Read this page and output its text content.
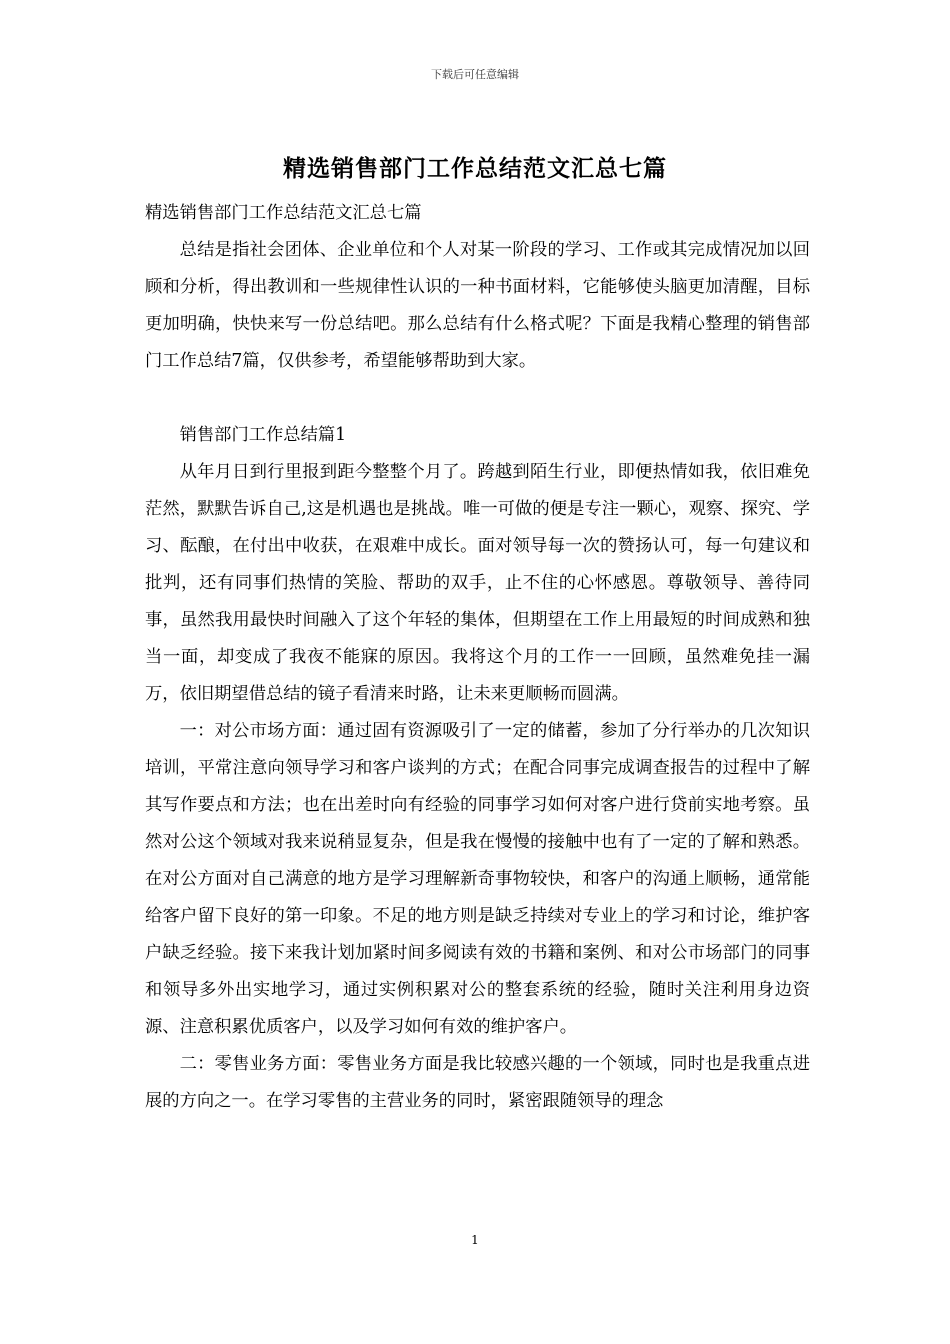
下载后可任意编辑
精选销售部门工作总结范文汇总七篇

精选销售部门工作总结范文汇总七篇

总结是指社会团体、企业单位和个人对某一阶段的学习、工作或其完成情况加以回顾和分析，得出教训和一些规律性认识的一种书面材料，它能够使头脑更加清醒，目标更加明确，快快来写一份总结吧。那么总结有什么格式呢？下面是我精心整理的销售部门工作总结7篇，仅供参考，希望能够帮助到大家。

销售部门工作总结篇1

从年月日到行里报到距今整整个月了。跨越到陌生行业，即便热情如我，依旧难免茫然，默默告诉自己,这是机遇也是挑战。唯一可做的便是专注一颗心，观察、探究、学习、酝酿，在付出中收获，在艰难中成长。面对领导每一次的赞扬认可，每一句建议和批判，还有同事们热情的笑脸、帮助的双手，止不住的心怀感恩。尊敬领导、善待同事，虽然我用最快时间融入了这个年轻的集体，但期望在工作上用最短的时间成熟和独当一面，却变成了我夜不能寐的原因。我将这个月的工作一一回顾，虽然难免挂一漏万，依旧期望借总结的镜子看清来时路，让未来更顺畅而圆满。

一：对公市场方面：通过固有资源吸引了一定的储蓄，参加了分行举办的几次知识培训，平常注意向领导学习和客户谈判的方式；在配合同事完成调查报告的过程中了解其写作要点和方法；也在出差时向有经验的同事学习如何对客户进行贷前实地考察。虽然对公这个领域对我来说稍显复杂，但是我在慢慢的接触中也有了一定的了解和熟悉。在对公方面对自己满意的地方是学习理解新奇事物较快，和客户的沟通上顺畅，通常能给客户留下良好的第一印象。不足的地方则是缺乏持续对专业上的学习和讨论，维护客户缺乏经验。接下来我计划加紧时间多阅读有效的书籍和案例、和对公市场部门的同事和领导多外出实地学习，通过实例积累对公的整套系统的经验，随时关注利用身边资源、注意积累优质客户，以及学习如何有效的维护客户。

二：零售业务方面：零售业务方面是我比较感兴趣的一个领域，同时也是我重点进展的方向之一。在学习零售的主营业务的同时，紧密跟随领导的理念

1
